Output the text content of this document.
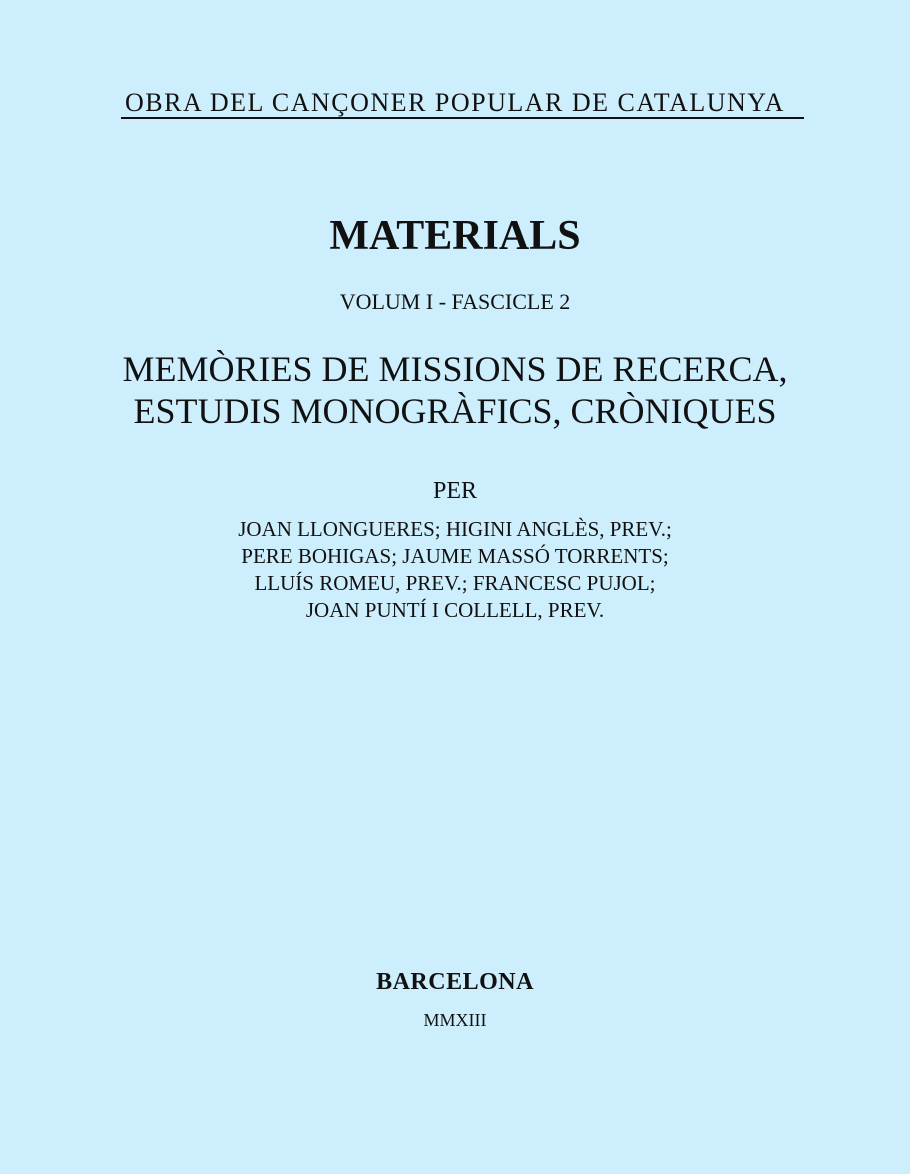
OBRA DEL CANÇONER POPULAR DE CATALUNYA
MATERIALS
VOLUM I - FASCICLE 2
MEMÒRIES DE MISSIONS DE RECERCA,
ESTUDIS MONOGRÀFICS, CRÒNIQUES
PER
JOAN LLONGUERES; HIGINI ANGLÈS, PREV.;
PERE BOHIGAS; JAUME MASSÓ TORRENTS;
LLUÍS ROMEU, PREV.; FRANCESC PUJOL;
JOAN PUNTÍ I COLLELL, PREV.
BARCELONA
MMXIII
